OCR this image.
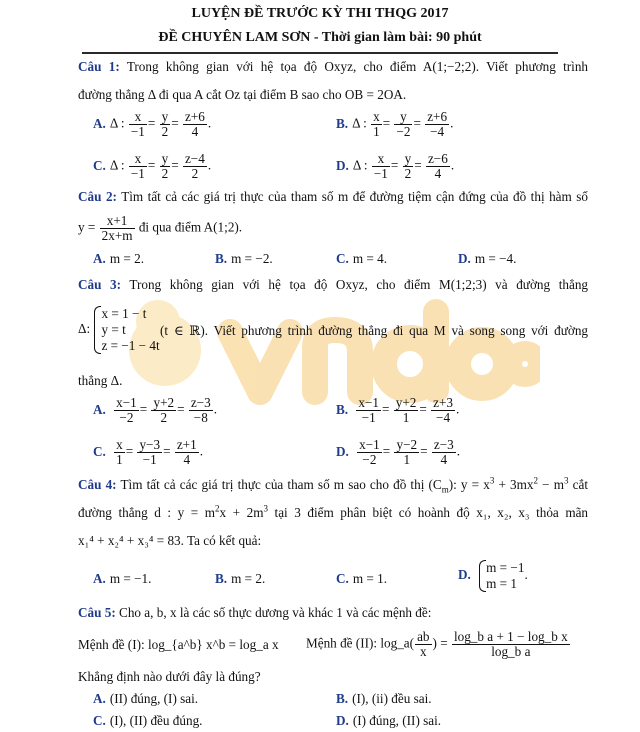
LUYỆN ĐỀ TRƯỚC KỲ THI THQG 2017
ĐỀ CHUYÊN LAM SƠN - Thời gian làm bài: 90 phút
Câu 1: Trong không gian với hệ tọa độ Oxyz, cho điểm A(1;−2;2). Viết phương trình
đường thẳng Δ đi qua A cắt Oz tại điểm B sao cho OB = 2OA.
A. Δ : $\frac{x}{-1} = \frac{y}{2} = \frac{z+6}{4}$ .	B. Δ : $\frac{x}{1} = \frac{y}{-2} = \frac{z+6}{-4}$ .
C. Δ : $\frac{x}{-1} = \frac{y}{2} = \frac{z-4}{2}$ .	D. Δ : $\frac{x}{-1} = \frac{y}{2} = \frac{z-6}{4}$ .
Câu 2: Tìm tất cả các giá trị thực của tham số m để đường tiệm cận đứng của đồ thị hàm số
$y = \frac{x+1}{2x+m}$ đi qua điểm A(1;2).
A. m = 2.	B. m = −2.	C. m = 4.	D. m = −4.
Câu 3: Trong không gian với hệ tọa độ Oxyz, cho điểm M(1;2;3) và đường thẳng
Δ:
x = 1 − t
y = t
z = −1 − 4t
(t ∈ ℝ). Viết phương trình đường thẳng đi qua M và song song với đường
thẳng Δ.
A. $\frac{x-1}{-2} = \frac{y+2}{2} = \frac{z-3}{-8}$ .	B. $\frac{x-1}{-1} = \frac{y+2}{1} = \frac{z+3}{-4}$ .
C. $\frac{x}{1} = \frac{y-3}{-1} = \frac{z+1}{4}$ .	D. $\frac{x-1}{-2} = \frac{y-2}{1} = \frac{z-3}{4}$ .
Câu 4: Tìm tất cả các giá trị thực của tham số m sao cho đồ thị $(C_m)$: $y = x^3 + 3mx^2 - m^3$ cắt
đường thẳng d : $y = m^2x + 2m^3$ tại 3 điểm phân biệt có hoành độ x₁, x₂, x₃ thỏa mãn
x₁⁴ + x₂⁴ + x₃⁴ = 83. Ta có kết quả:
A. m = −1.	B. m = 2.	C. m = 1.	D. m = −1
m = 1
.
Câu 5: Cho a, b, x là các số thực dương và khác 1 và các mệnh đề:
Mệnh đề (I): log_{a^b} x^b = log_a x Mệnh đề (II): log_a( $\frac{ab}{x}$ ) = $\frac{\text{log\_b a + 1 − log\_b x}}{\text{log\_b a}}$
Khẳng định nào dưới đây là đúng?
A. (II) đúng, (I) sai.	B. (I), (ii) đều sai.
C. (I), (II) đều đúng.	D. (I) đúng, (II) sai.
